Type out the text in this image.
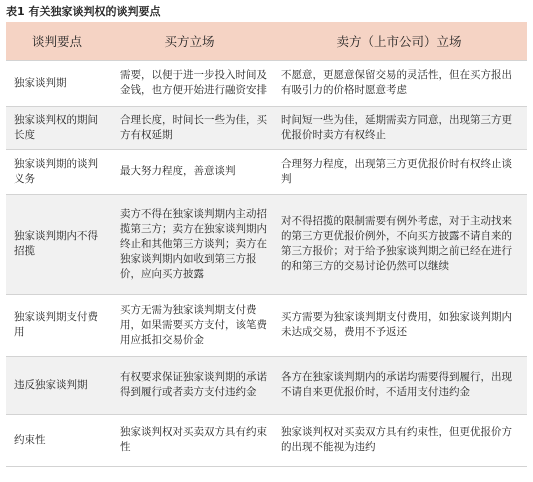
表1 有关独家谈判权的谈判要点
谈判要点	买方立场	卖方（上市公司）立场
独家谈判期	需要，以便于进一步投入时间及金钱，也方便开始进行融资安排	不愿意，更愿意保留交易的灵活性，但在买方报出有吸引力的价格时愿意考虑
独家谈判权的期间长度	合理长度，时间长一些为佳，买方有权延期	时间短一些为佳，延期需卖方同意，出现第三方更优报价时卖方有权终止
独家谈判期的谈判义务	最大努力程度，善意谈判	合理努力程度，出现第三方更优报价时有权终止谈判
独家谈判期内不得招揽	卖方不得在独家谈判期内主动招揽第三方；卖方在独家谈判期内终止和其他第三方谈判；卖方在独家谈判期内如收到第三方报价，应向买方披露	对不得招揽的限制需要有例外考虑，对于主动找来的第三方更优报价例外，不向买方披露不请自来的第三方报价；对于给予独家谈判期之前已经在进行的和第三方的交易讨论仍然可以继续
独家谈判期支付费用	买方无需为独家谈判期支付费用，如果需要买方支付，该笔费用应抵扣交易价金	买方需要为独家谈判期支付费用，如独家谈判期内未达成交易，费用不予返还
违反独家谈判期	有权要求保证独家谈判期的承诺得到履行或者卖方支付违约金	各方在独家谈判期内的承诺均需要得到履行，出现不请自来更优报价时，不适用支付违约金
约束性	独家谈判权对买卖双方具有约束性	独家谈判权对买卖双方具有约束性，但更优报价方的出现不能视为违约
